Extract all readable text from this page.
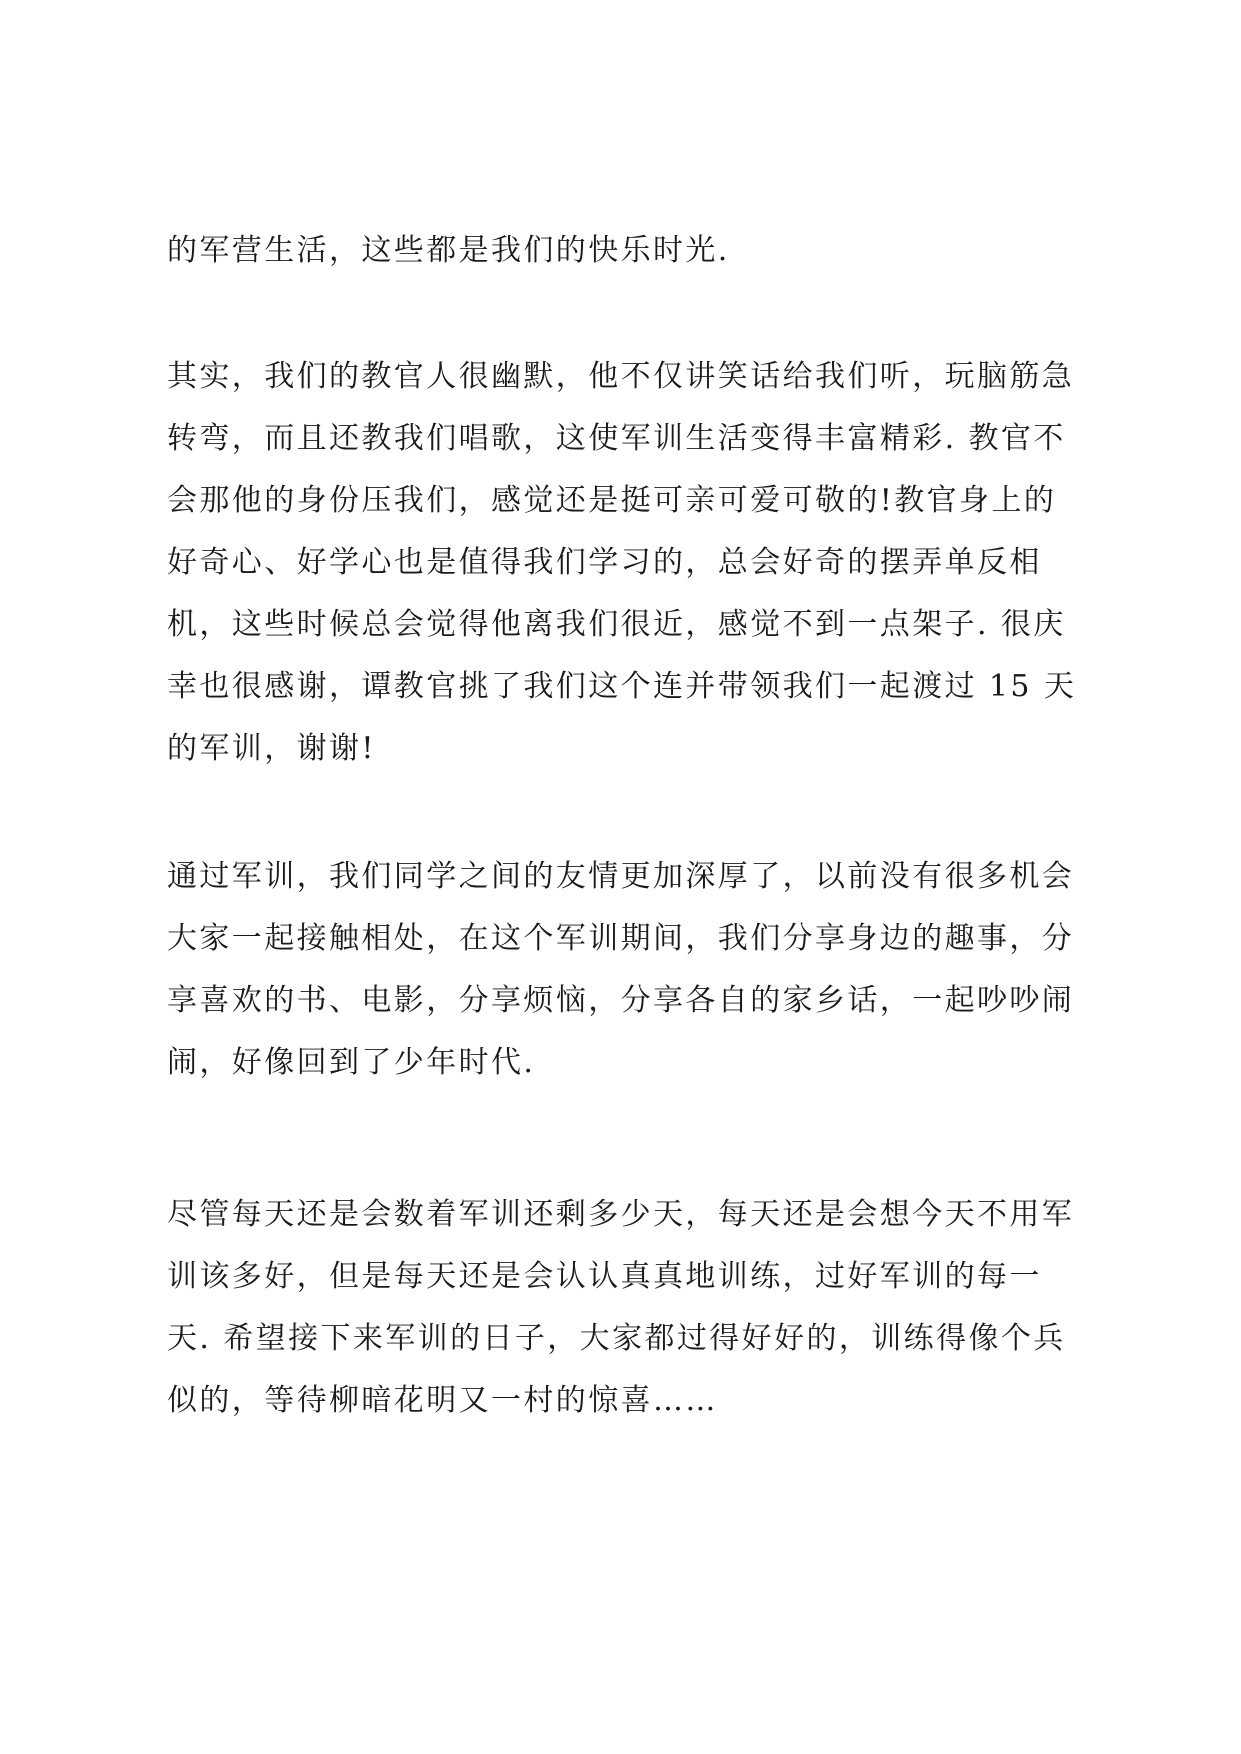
的军营生活，这些都是我们的快乐时光.
其实，我们的教官人很幽默，他不仅讲笑话给我们听，玩脑筋急
转弯，而且还教我们唱歌，这使军训生活变得丰富精彩. 教官不
会那他的身份压我们，感觉还是挺可亲可爱可敬的!教官身上的
好奇心、好学心也是值得我们学习的，总会好奇的摆弄单反相
机，这些时候总会觉得他离我们很近，感觉不到一点架子. 很庆
幸也很感谢，谭教官挑了我们这个连并带领我们一起渡过 15 天
的军训，谢谢!
通过军训，我们同学之间的友情更加深厚了，以前没有很多机会
大家一起接触相处，在这个军训期间，我们分享身边的趣事，分
享喜欢的书、电影，分享烦恼，分享各自的家乡话，一起吵吵闹
闹，好像回到了少年时代.
尽管每天还是会数着军训还剩多少天，每天还是会想今天不用军
训该多好，但是每天还是会认认真真地训练，过好军训的每一
天. 希望接下来军训的日子，大家都过得好好的，训练得像个兵
似的，等待柳暗花明又一村的惊喜……
